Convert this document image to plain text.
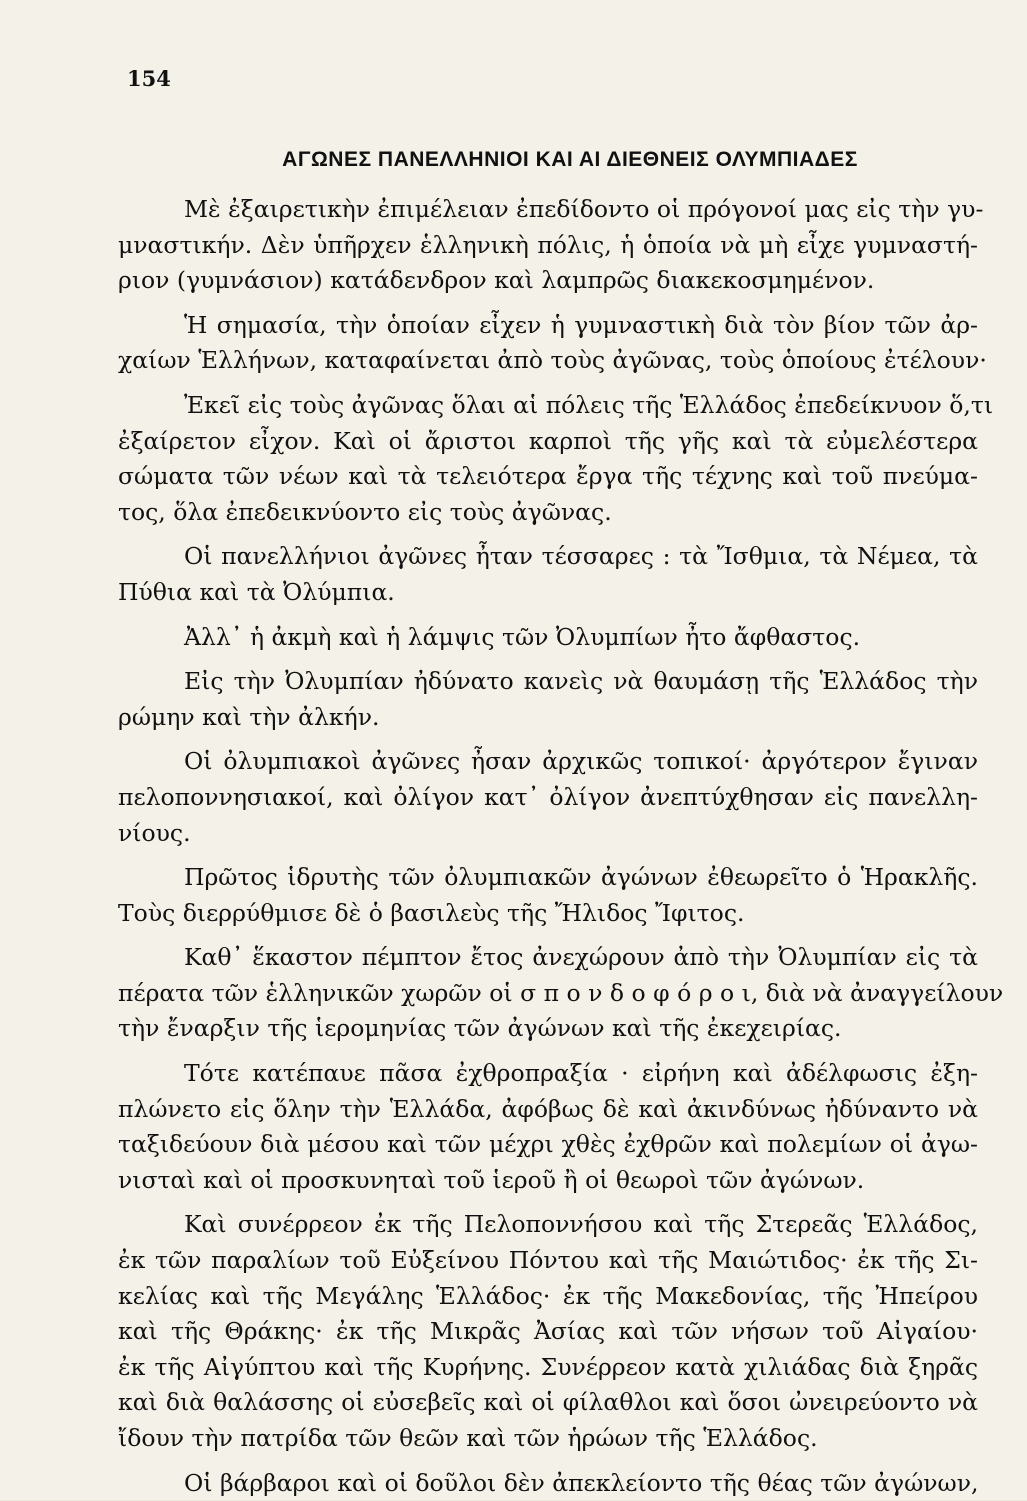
154
ΑΓΩΝΕΣ ΠΑΝΕΛΛΗΝΙΟΙ ΚΑΙ ΑΙ ΔΙΕΘΝΕΙΣ ΟΛΥΜΠΙΑΔΕΣ
Μὲ ἐξαιρετικὴν ἐπιμέλειαν ἐπεδίδοντο οἱ πρόγονοί μας εἰς τὴν γυ-
μναστικήν. Δὲν ὑπῆρχεν ἑλληνικὴ πόλις, ἡ ὁποία νὰ μὴ εἶχε γυμναστή-
ριον (γυμνάσιον) κατάδενδρον καὶ λαμπρῶς διακεκοσμημένον.
Ἡ σημασία, τὴν ὁποίαν εἶχεν ἡ γυμναστικὴ διὰ τὸν βίον τῶν ἀρ-
χαίων Ἑλλήνων, καταφαίνεται ἀπὸ τοὺς ἀγῶνας, τοὺς ὁποίους ἐτέλουν·
Ἐκεῖ εἰς τοὺς ἀγῶνας ὅλαι αἱ πόλεις τῆς Ἑλλάδος ἐπεδείκνυον ὅ,τι
ἐξαίρετον εἶχον. Καὶ οἱ ἄριστοι καρποὶ τῆς γῆς καὶ τὰ εὐμελέστερα
σώματα τῶν νέων καὶ τὰ τελειότερα ἔργα τῆς τέχνης καὶ τοῦ πνεύμα-
τος, ὅλα ἐπεδεικνύοντο εἰς τοὺς ἀγῶνας.
Οἱ πανελλήνιοι ἀγῶνες ἦταν τέσσαρες : τὰ Ἴσθμια, τὰ Νέμεα, τὰ
Πύθια καὶ τὰ Ὀλύμπια.
Ἀλλ᾽ ἡ ἀκμὴ καὶ ἡ λάμψις τῶν Ὀλυμπίων ἦτο ἄφθαστος.
Εἰς τὴν Ὀλυμπίαν ἠδύνατο κανεὶς νὰ θαυμάσῃ τῆς Ἑλλάδος τὴν
ρώμην καὶ τὴν ἀλκήν.
Οἱ ὀλυμπιακοὶ ἀγῶνες ἦσαν ἀρχικῶς τοπικοί· ἀργότερον ἔγιναν
πελοποννησιακοί, καὶ ὀλίγον κατ᾽ ὀλίγον ἀνεπτύχθησαν εἰς πανελλη-
νίους.
Πρῶτος ἱδρυτὴς τῶν ὀλυμπιακῶν ἀγώνων ἐθεωρεῖτο ὁ Ἡρακλῆς.
Τοὺς διερρύθμισε δὲ ὁ βασιλεὺς τῆς Ἤλιδος Ἴφιτος.
Καθ᾽ ἕκαστον πέμπτον ἔτος ἀνεχώρουν ἀπὸ τὴν Ὀλυμπίαν εἰς τὰ
πέρατα τῶν ἑλληνικῶν χωρῶν οἱ σ π ο ν δ ο φ ό ρ ο ι, διὰ νὰ ἀναγγείλουν
τὴν ἔναρξιν τῆς ἱερομηνίας τῶν ἀγώνων καὶ τῆς ἐκεχειρίας.
Τότε κατέπαυε πᾶσα ἐχθροπραξία · εἰρήνη καὶ ἀδέλφωσις ἐξη-
πλώνετο εἰς ὅλην τὴν Ἑλλάδα, ἀφόβως δὲ καὶ ἀκινδύνως ἠδύναντο νὰ
ταξιδεύουν διὰ μέσου καὶ τῶν μέχρι χθὲς ἐχθρῶν καὶ πολεμίων οἱ ἀγω-
νισταὶ καὶ οἱ προσκυνηταὶ τοῦ ἱεροῦ ἢ οἱ θεωροὶ τῶν ἀγώνων.
Καὶ συνέρρεον ἐκ τῆς Πελοποννήσου καὶ τῆς Στερεᾶς Ἑλλάδος,
ἐκ τῶν παραλίων τοῦ Εὐξείνου Πόντου καὶ τῆς Μαιώτιδος· ἐκ τῆς Σι-
κελίας καὶ τῆς Μεγάλης Ἑλλάδος· ἐκ τῆς Μακεδονίας, τῆς Ἠπείρου
καὶ τῆς Θράκης· ἐκ τῆς Μικρᾶς Ἀσίας καὶ τῶν νήσων τοῦ Αἰγαίου·
ἐκ τῆς Αἰγύπτου καὶ τῆς Κυρήνης. Συνέρρεον κατὰ χιλιάδας διὰ ξηρᾶς
καὶ διὰ θαλάσσης οἱ εὐσεβεῖς καὶ οἱ φίλαθλοι καὶ ὅσοι ὠνειρεύοντο νὰ
ἴδουν τὴν πατρίδα τῶν θεῶν καὶ τῶν ἡρώων τῆς Ἑλλάδος.
Οἱ βάρβαροι καὶ οἱ δοῦλοι δὲν ἀπεκλείοντο τῆς θέας τῶν ἀγώνων,
